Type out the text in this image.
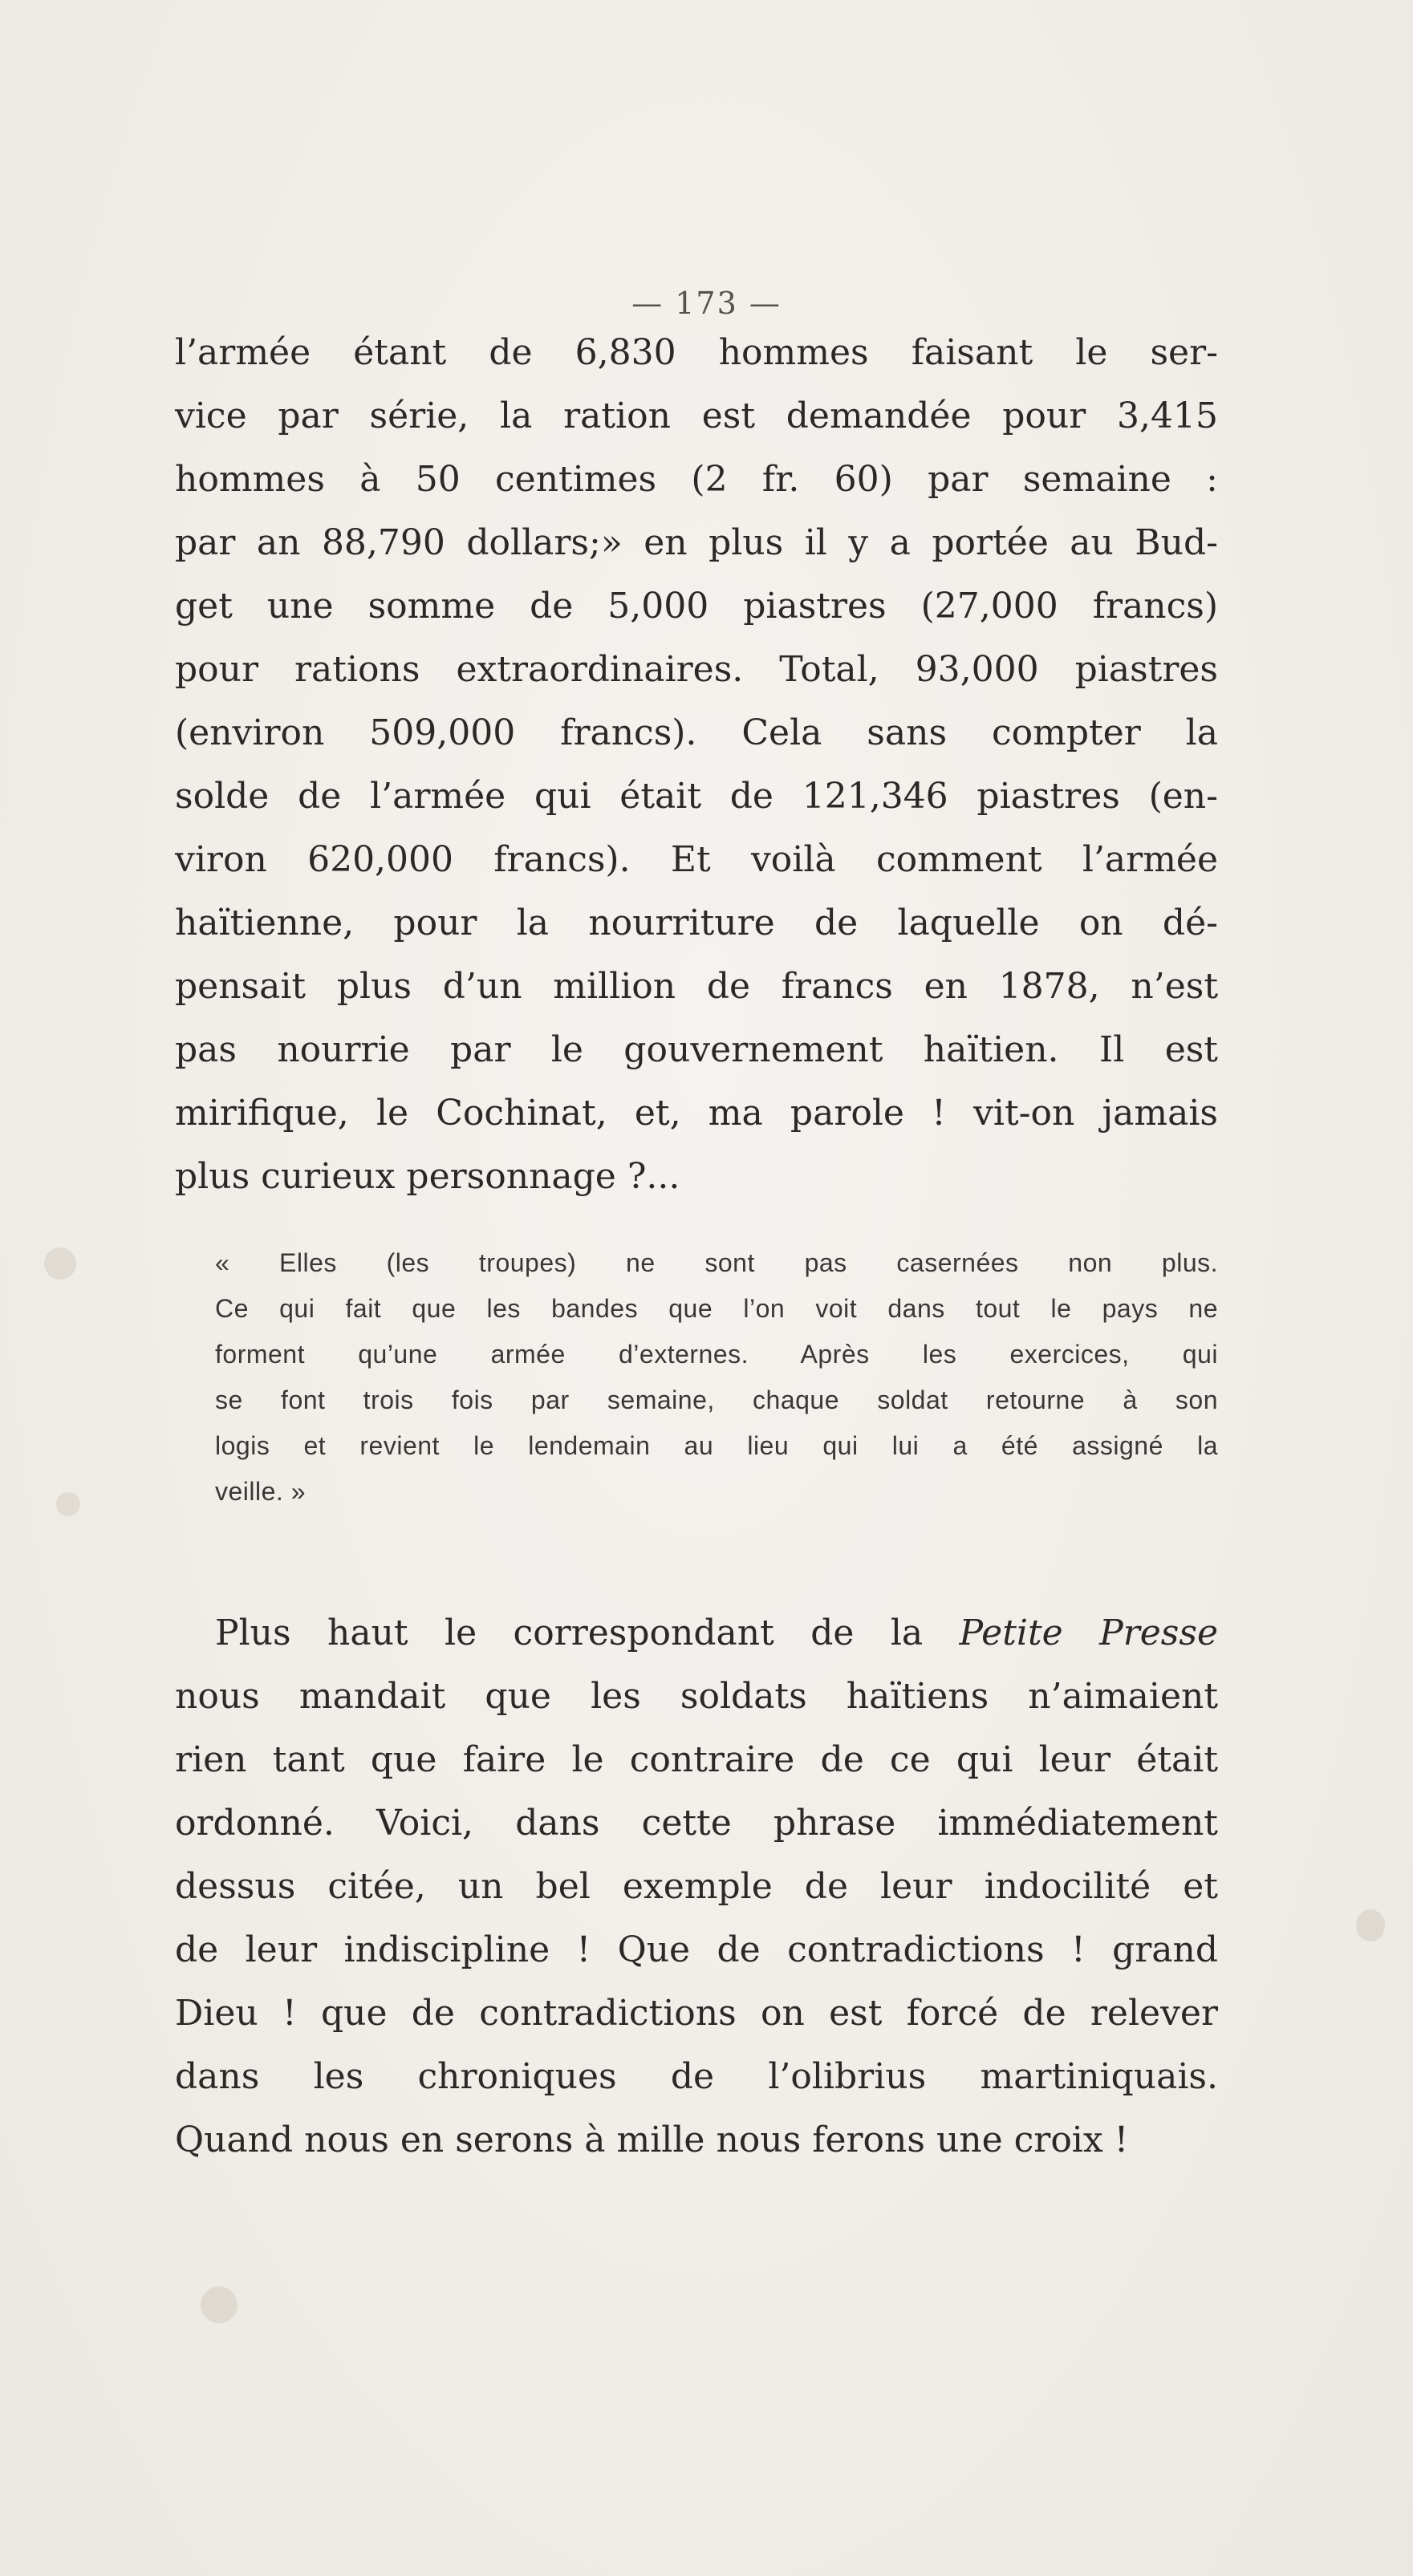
— 173 —
l’armée étant de 6,830 hommes faisant le ser-
vice par série, la ration est demandée pour 3,415
hommes à 50 centimes (2 fr. 60) par semaine :
par an 88,790 dollars;» en plus il y a portée au Bud-
get une somme de 5,000 piastres (27,000 francs)
pour rations extraordinaires. Total, 93,000 piastres
(environ 509,000 francs). Cela sans compter la
solde de l’armée qui était de 121,346 piastres (en-
viron 620,000 francs). Et voilà comment l’armée
haïtienne, pour la nourriture de laquelle on dé-
pensait plus d’un million de francs en 1878, n’est
pas nourrie par le gouvernement haïtien. Il est
mirifique, le Cochinat, et, ma parole ! vit-on jamais
plus curieux personnage ?...
« Elles (les troupes) ne sont pas casernées non plus.
Ce qui fait que les bandes que l’on voit dans tout le pays ne
forment qu’une armée d’externes. Après les exercices, qui
se font trois fois par semaine, chaque soldat retourne à son
logis et revient le lendemain au lieu qui lui a été assigné la
veille. »
Plus haut le correspondant de la Petite Presse
nous mandait que les soldats haïtiens n’aimaient
rien tant que faire le contraire de ce qui leur était
ordonné. Voici, dans cette phrase immédiatement
dessus citée, un bel exemple de leur indocilité et
de leur indiscipline ! Que de contradictions ! grand
Dieu ! que de contradictions on est forcé de relever
dans les chroniques de l’olibrius martiniquais.
Quand nous en serons à mille nous ferons une croix !
